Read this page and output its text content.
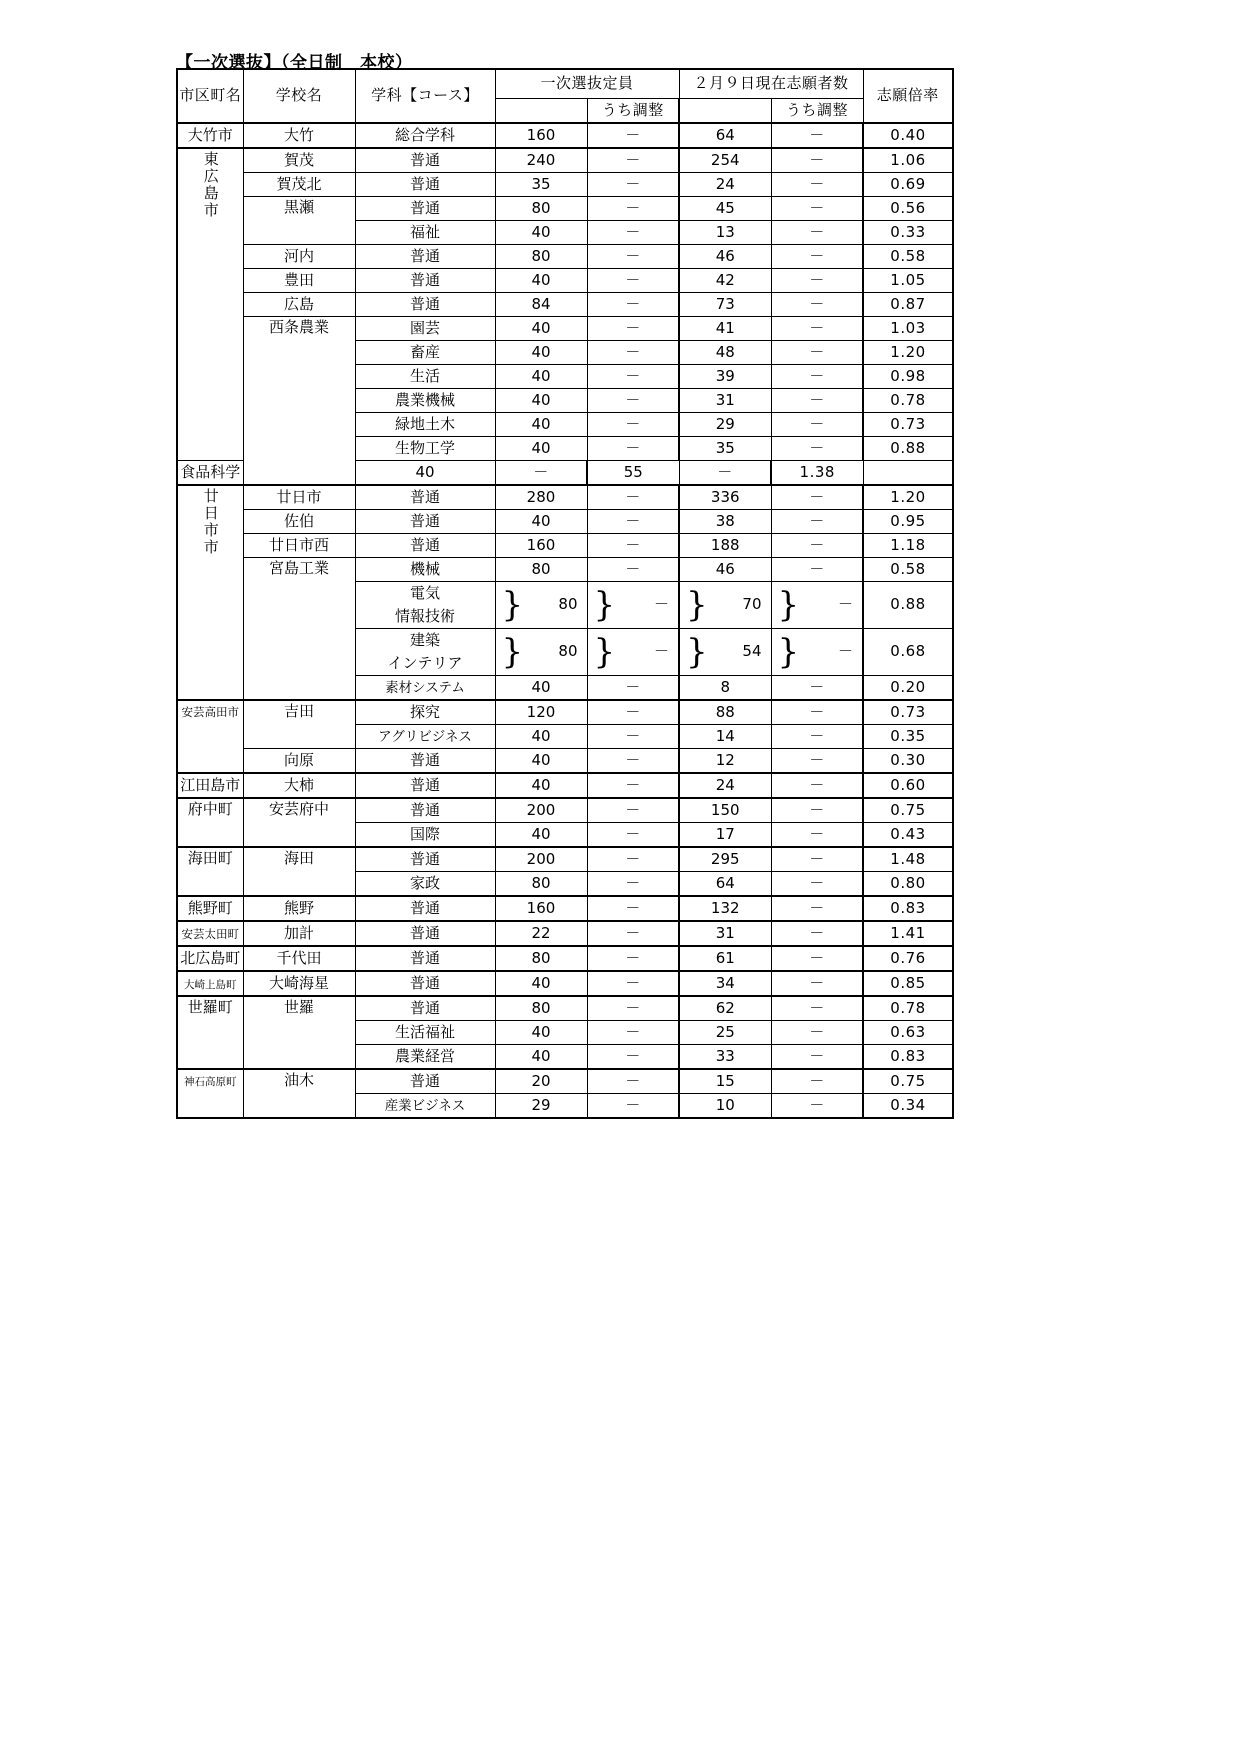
【一次選抜】（全日制　本校）
市区町名	学校名	学科【コース】	一次選抜定員		２月９日現在志願者数		志願倍率
				うち調整		うち調整	
大竹市	大竹	総合学科	160	－	64	－	0.40
東広島市	賀茂	普通	240	－	254	－	1.06
	賀茂北	普通	35	－	24	－	0.69
	黒瀬	普通	80	－	45	－	0.56
		福祉	40	－	13	－	0.33
	河内	普通	80	－	46	－	0.58
	豊田	普通	40	－	42	－	1.05
	広島	普通	84	－	73	－	0.87
	西条農業	園芸	40	－	41	－	1.03
		畜産	40	－	48	－	1.20
		生活	40	－	39	－	0.98
		農業機械	40	－	31	－	0.78
		緑地土木	40	－	29	－	0.73
		生物工学	40	－	35	－	0.88
食品科学		40	－	55	－	1.38	
廿日市市	廿日市	普通	280	－	336	－	1.20
	佐伯	普通	40	－	38	－	0.95
	廿日市西	普通	160	－	188	－	1.18
	宮島工業	機械	80	－	46	－	0.58
		電気	} 80	} －	} 70	} －	0.88
		情報技術					
		建築	} 80	} －	} 54	} －	0.68
		インテリア					
		素材システム	40	－	8	－	0.20
安芸高田市	吉田	探究	120	－	88	－	0.73
		アグリビジネス	40	－	14	－	0.35
	向原	普通	40	－	12	－	0.30
江田島市	大柿	普通	40	－	24	－	0.60
府中町	安芸府中	普通	200	－	150	－	0.75
		国際	40	－	17	－	0.43
海田町	海田	普通	200	－	295	－	1.48
		家政	80	－	64	－	0.80
熊野町	熊野	普通	160	－	132	－	0.83
安芸太田町	加計	普通	22	－	31	－	1.41
北広島町	千代田	普通	80	－	61	－	0.76
大崎上島町	大崎海星	普通	40	－	34	－	0.85
世羅町	世羅	普通	80	－	62	－	0.78
		生活福祉	40	－	25	－	0.63
		農業経営	40	－	33	－	0.83
神石高原町	油木	普通	20	－	15	－	0.75
		産業ビジネス	29	－	10	－	0.34
